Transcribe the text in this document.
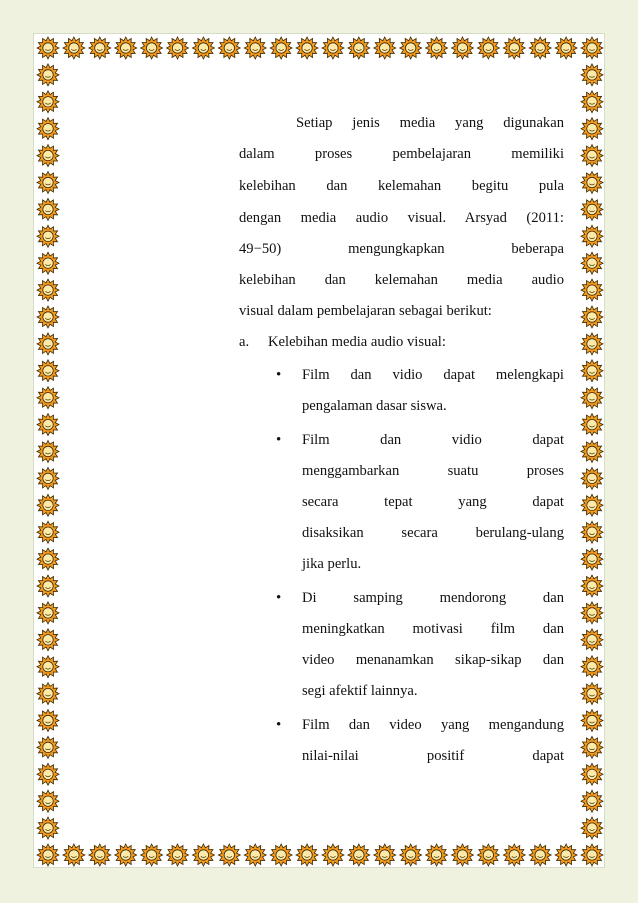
Setiap jenis media yang digunakan
dalam proses pembelajaran memiliki
kelebihan dan kelemahan begitu pula
dengan media audio visual. Arsyad (2011:
49−50) mengungkapkan beberapa
kelebihan dan kelemahan media audio
visual dalam pembelajaran sebagai berikut:
a. Kelebihan media audio visual:
• Film dan vidio dapat melengkapi
pengalaman dasar siswa.
• Film dan vidio dapat
menggambarkan suatu proses
secara tepat yang dapat
disaksikan secara berulang-ulang
jika perlu.
• Di samping mendorong dan
meningkatkan motivasi film dan
video menanamkan sikap-sikap dan
segi afektif lainnya.
• Film dan video yang mengandung
nilai-nilai positif dapat
